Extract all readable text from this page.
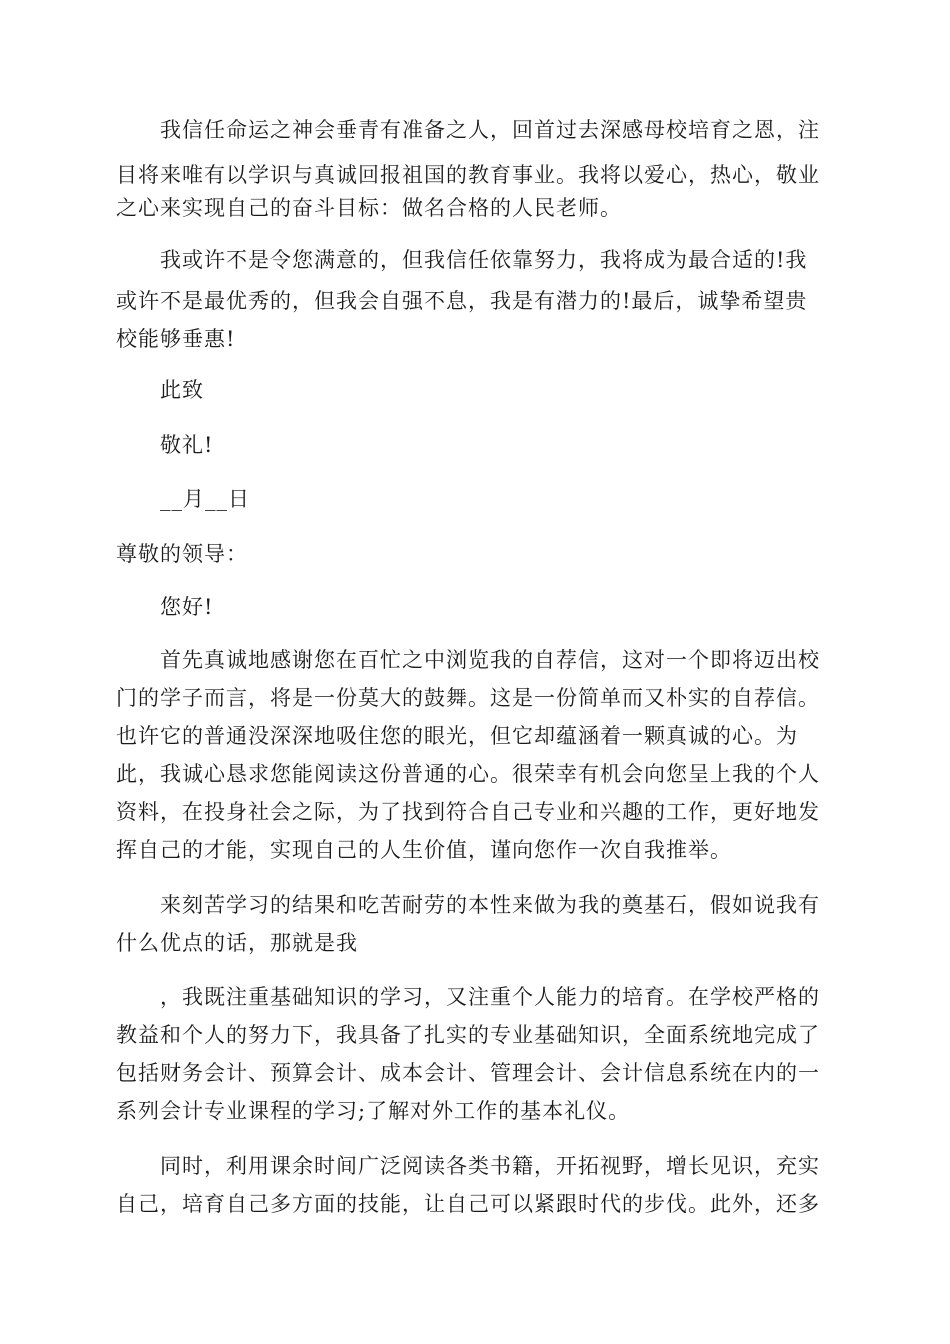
我信任命运之神会垂青有准备之人，回首过去深感母校培育之恩，注
目将来唯有以学识与真诚回报祖国的教育事业。我将以爱心，热心，敬业
之心来实现自己的奋斗目标：做名合格的人民老师。
我或许不是令您满意的，但我信任依靠努力，我将成为最合适的!我
或许不是最优秀的，但我会自强不息，我是有潜力的!最后，诚挚希望贵
校能够垂惠!
此致
敬礼!
__月__日
尊敬的领导：
您好!
首先真诚地感谢您在百忙之中浏览我的自荐信，这对一个即将迈出校
门的学子而言，将是一份莫大的鼓舞。这是一份简单而又朴实的自荐信。
也许它的普通没深深地吸住您的眼光，但它却蕴涵着一颗真诚的心。为
此，我诚心恳求您能阅读这份普通的心。很荣幸有机会向您呈上我的个人
资料，在投身社会之际，为了找到符合自己专业和兴趣的工作，更好地发
挥自己的才能，实现自己的人生价值，谨向您作一次自我推举。
来刻苦学习的结果和吃苦耐劳的本性来做为我的奠基石，假如说我有
什么优点的话，那就是我
，我既注重基础知识的学习，又注重个人能力的培育。在学校严格的
教益和个人的努力下，我具备了扎实的专业基础知识，全面系统地完成了
包括财务会计、预算会计、成本会计、管理会计、会计信息系统在内的一
系列会计专业课程的学习;了解对外工作的基本礼仪。
同时，利用课余时间广泛阅读各类书籍，开拓视野，增长见识，充实
自己，培育自己多方面的技能，让自己可以紧跟时代的步伐。此外，还多
